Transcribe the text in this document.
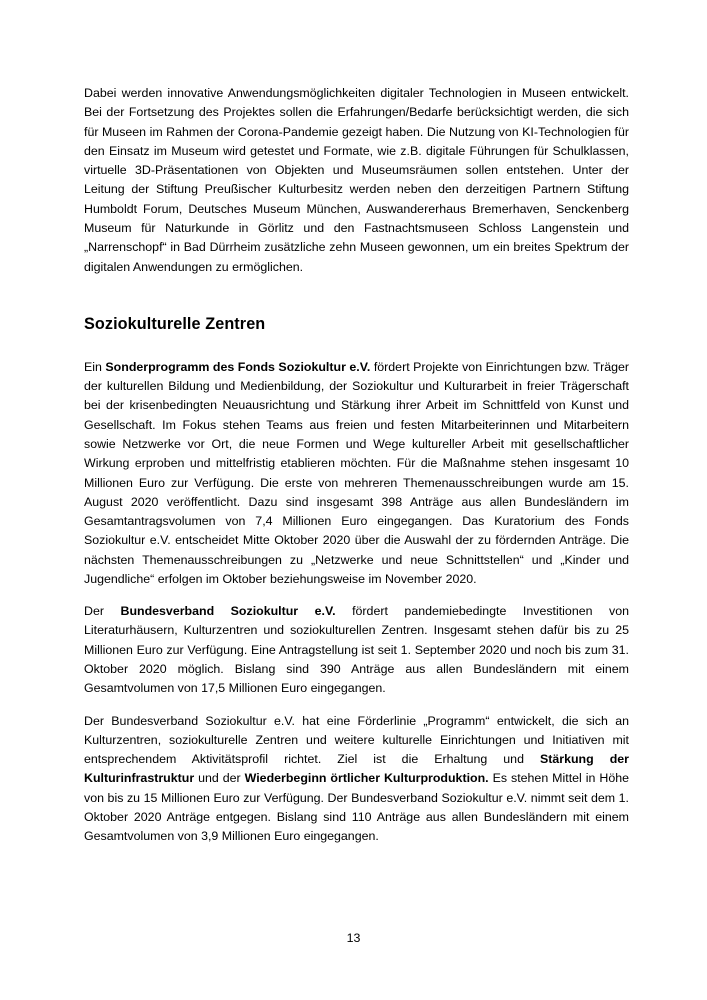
Dabei werden innovative Anwendungsmöglichkeiten digitaler Technologien in Museen entwickelt. Bei der Fortsetzung des Projektes sollen die Erfahrungen/Bedarfe berücksichtigt werden, die sich für Museen im Rahmen der Corona-Pandemie gezeigt haben. Die Nutzung von KI-Technologien für den Einsatz im Museum wird getestet und Formate, wie z.B. digitale Führungen für Schulklassen, virtuelle 3D-Präsentationen von Objekten und Museumsräumen sollen entstehen. Unter der Leitung der Stiftung Preußischer Kulturbesitz werden neben den derzeitigen Partnern Stiftung Humboldt Forum, Deutsches Museum München, Auswandererhaus Bremerhaven, Senckenberg Museum für Naturkunde in Görlitz und den Fastnachtsmuseen Schloss Langenstein und „Narrenschopf“ in Bad Dürrheim zusätzliche zehn Museen gewonnen, um ein breites Spektrum der digitalen Anwendungen zu ermöglichen.

Soziokulturelle Zentren

Ein Sonderprogramm des Fonds Soziokultur e.V. fördert Projekte von Einrichtungen bzw. Träger der kulturellen Bildung und Medienbildung, der Soziokultur und Kulturarbeit in freier Trägerschaft bei der krisenbedingten Neuausrichtung und Stärkung ihrer Arbeit im Schnittfeld von Kunst und Gesellschaft. Im Fokus stehen Teams aus freien und festen Mitarbeiterinnen und Mitarbeitern sowie Netzwerke vor Ort, die neue Formen und Wege kultureller Arbeit mit gesellschaftlicher Wirkung erproben und mittelfristig etablieren möchten. Für die Maßnahme stehen insgesamt 10 Millionen Euro zur Verfügung. Die erste von mehreren Themenausschreibungen wurde am 15. August 2020 veröffentlicht. Dazu sind insgesamt 398 Anträge aus allen Bundesländern im Gesamtantragsvolumen von 7,4 Millionen Euro eingegangen. Das Kuratorium des Fonds Soziokultur e.V. entscheidet Mitte Oktober 2020 über die Auswahl der zu fördernden Anträge. Die nächsten Themenausschreibungen zu „Netzwerke und neue Schnittstellen“ und „Kinder und Jugendliche“ erfolgen im Oktober beziehungsweise im November 2020.

Der Bundesverband Soziokultur e.V. fördert pandemiebedingte Investitionen von Literaturhäusern, Kulturzentren und soziokulturellen Zentren. Insgesamt stehen dafür bis zu 25 Millionen Euro zur Verfügung. Eine Antragstellung ist seit 1. September 2020 und noch bis zum 31. Oktober 2020 möglich. Bislang sind 390 Anträge aus allen Bundesländern mit einem Gesamtvolumen von 17,5 Millionen Euro eingegangen.

Der Bundesverband Soziokultur e.V. hat eine Förderlinie „Programm“ entwickelt, die sich an Kulturzentren, soziokulturelle Zentren und weitere kulturelle Einrichtungen und Initiativen mit entsprechendem Aktivitätsprofil richtet. Ziel ist die Erhaltung und Stärkung der Kulturinfrastruktur und der Wiederbeginn örtlicher Kulturproduktion. Es stehen Mittel in Höhe von bis zu 15 Millionen Euro zur Verfügung. Der Bundesverband Soziokultur e.V. nimmt seit dem 1. Oktober 2020 Anträge entgegen. Bislang sind 110 Anträge aus allen Bundesländern mit einem Gesamtvolumen von 3,9 Millionen Euro eingegangen.

13
